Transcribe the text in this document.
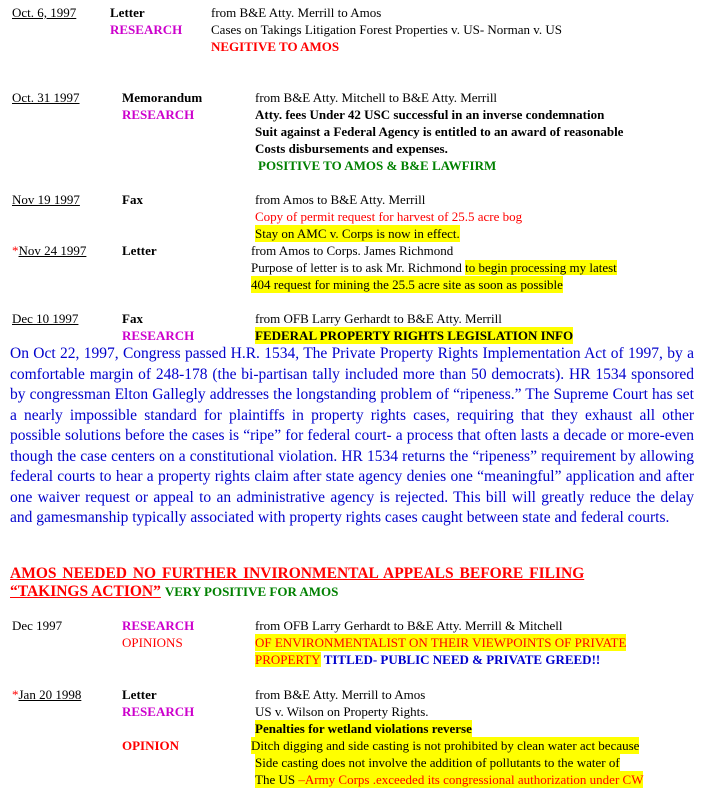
Oct. 6, 1997	Letter	from B&E Atty. Merrill to Amos
RESEARCH Cases on Takings Litigation Forest Properties v. US- Norman v. US
NEGITIVE TO AMOS
Oct. 31 1997	Memorandum	from B&E Atty. Mitchell to B&E Atty. Merrill
RESEARCH	Atty. fees Under 42 USC successful in an inverse condemnation
Suit against a Federal Agency is entitled to an award of reasonable
Costs disbursements and expenses.
POSITIVE TO AMOS & B&E LAWFIRM
Nov 19 1997	Fax	from Amos to B&E Atty. Merrill
Copy of permit request for harvest of 25.5 acre bog
Stay on AMC v. Corps is now in effect.
*Nov 24 1997	Letter	from Amos to Corps. James Richmond
Purpose of letter is to ask Mr. Richmond to begin processing my latest
404 request for mining the 25.5 acre site as soon as possible
Dec 10 1997	Fax	from OFB Larry Gerhardt to B&E Atty. Merrill
RESEARCH	FEDERAL PROPERTY RIGHTS LEGISLATION INFO

On Oct 22, 1997, Congress passed H.R. 1534, The Private Property Rights Implementation Act of 1997, by a comfortable margin of 248-178 (the bi-partisan tally included more than 50 democrats). HR 1534 sponsored by congressman Elton Gallegly addresses the longstanding problem of “ripeness.” The Supreme Court has set a nearly impossible standard for plaintiffs in property rights cases, requiring that they exhaust all other possible solutions before the cases is “ripe” for federal court- a process that often lasts a decade or more-even though the case centers on a constitutional violation. HR 1534 returns the “ripeness” requirement by allowing federal courts to hear a property rights claim after state agency denies one “meaningful” application and after one waiver request or appeal to an administrative agency is rejected. This bill will greatly reduce the delay and gamesmanship typically associated with property rights cases caught between state and federal courts.

AMOS NEEDED NO FURTHER INVIRONMENTAL APPEALS BEFORE FILING
“TAKINGS ACTION” VERY POSITIVE FOR AMOS
Dec 1997	RESEARCH	from OFB Larry Gerhardt to B&E Atty. Merrill & Mitchell
OPINIONS	OF ENVIRONMENTALIST ON THEIR VIEWPOINTS OF PRIVATE
PROPERTY TITLED- PUBLIC NEED & PRIVATE GREED!!
*Jan 20 1998	Letter	from B&E Atty. Merrill to Amos
RESEARCH	US v. Wilson on Property Rights.
Penalties for wetland violations reverse
OPINION	Ditch digging and side casting is not prohibited by clean water act because
Side casting does not involve the addition of pollutants to the water of
The US –Army Corps .exceeded its congressional authorization under CW
